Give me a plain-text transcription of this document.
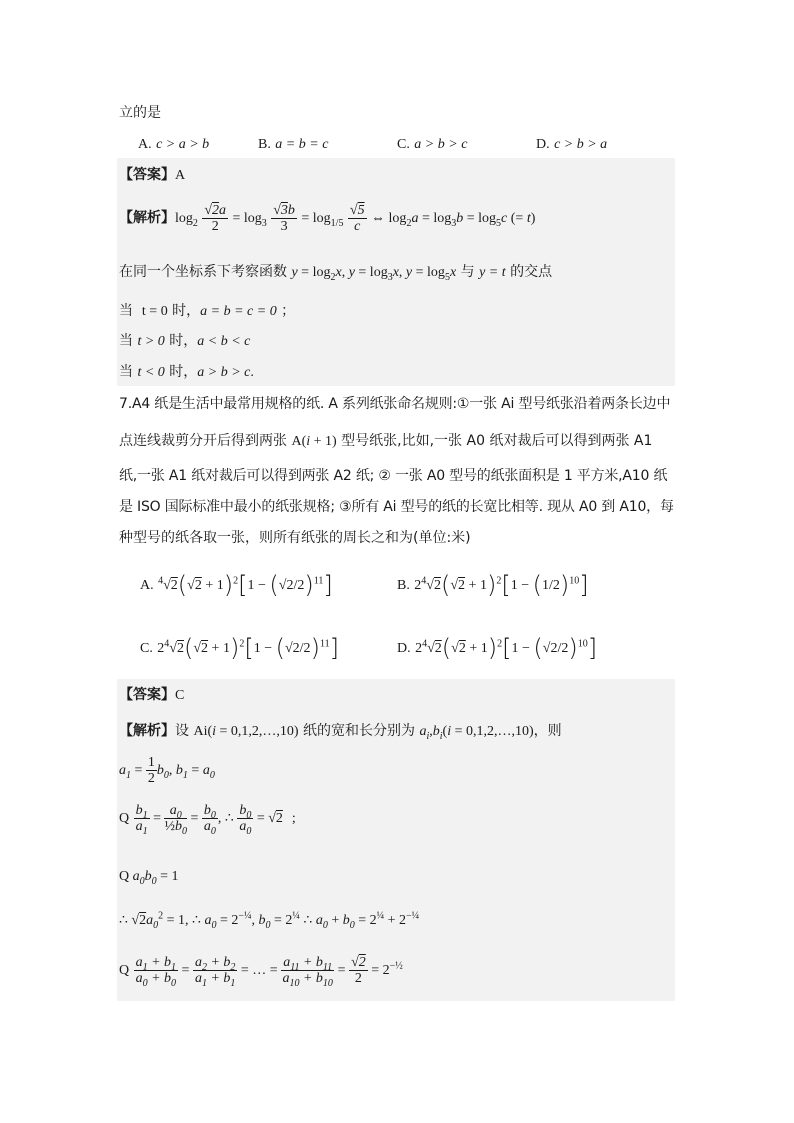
立的是
A. c > a > b	B. a = b = c	C. a > b > c	D. c > b > a
【答案】A
【解析】$\log_2 \frac{√2a}{2} = \log_3 \frac{√3b}{3} = \log_{1/5} \frac{√5}{c}$ ⇔ $\log_2a = \log_3b = \log_5c$ (= t)
在同一个坐标系下考察函数 $y = \log_2x$, $y = \log_3x$, $y = \log_5x$ 与 y = t 的交点
当 t = 0 时，a = b = c = 0 ；
当 t > 0 时，a < b < c
当 t < 0 时，a > b > c.
7.A4 纸是生活中最常用规格的纸. A 系列纸张命名规则:①一张 Ai 型号纸张沿着两条长边中
点连线裁剪分开后得到两张 A(i + 1) 型号纸张,比如,一张 A0 纸对裁后可以得到两张 A1
纸,一张 A1 纸对裁后可以得到两张 A2 纸; ② 一张 A0 型号的纸张面积是 1 平方米,A10 纸
是 ISO 国际标准中最小的纸张规格; ③所有 Ai 型号的纸的长宽比相等. 现从 A0 到 A10，每
种型号的纸各取一张，则所有纸张的周长之和为(单位:米)
A. $^4√2(√2 + 1)^2[1 - (√2/2)^{11}]$	B. $2^4√2(√2 + 1)^2[1 - (1/2)^{10}]$
C. $2^4√2(√2 + 1)^2[1 - (√2/2)^{11}]$	D. $2^4√2(√2 + 1)^2[1 - (√2/2)^{10}]$
【答案】C
【解析】设 Ai(i = 0,1,2,…,10) 纸的宽和长分别为 $a_i,b_i(i$ = 0,1,2,…,10)，则
$a_1 = \frac{1}{2} b_0$, $b_1 = a_0$
Q $\frac{b_1}{a_1} = \frac{a_0}{\frac{1}{2}b_0} = \frac{b_0}{a_0}$ , ∴ $\frac{b_0}{a_0} = √2$ ;
Q $a_0b_0 = 1$
∴ $√2a_0^2 = 1$, ∴ $a_0 = 2^{-\frac{1}{4}}$, $b_0 = 2^{\frac{1}{4}}$ ∴ $a_0 + b_0 = 2^{\frac{1}{4}} + 2^{-\frac{1}{4}}$
Q $\frac{a_1 + b_1}{a_0 + b_0} = \frac{a_2 + b_2}{a_1 + b_1}$ = … = $\frac{a_{11} + b_{11}}{a_{10} + b_{10}} = \frac{√2}{2} = 2^{-\frac{1}{2}}$
